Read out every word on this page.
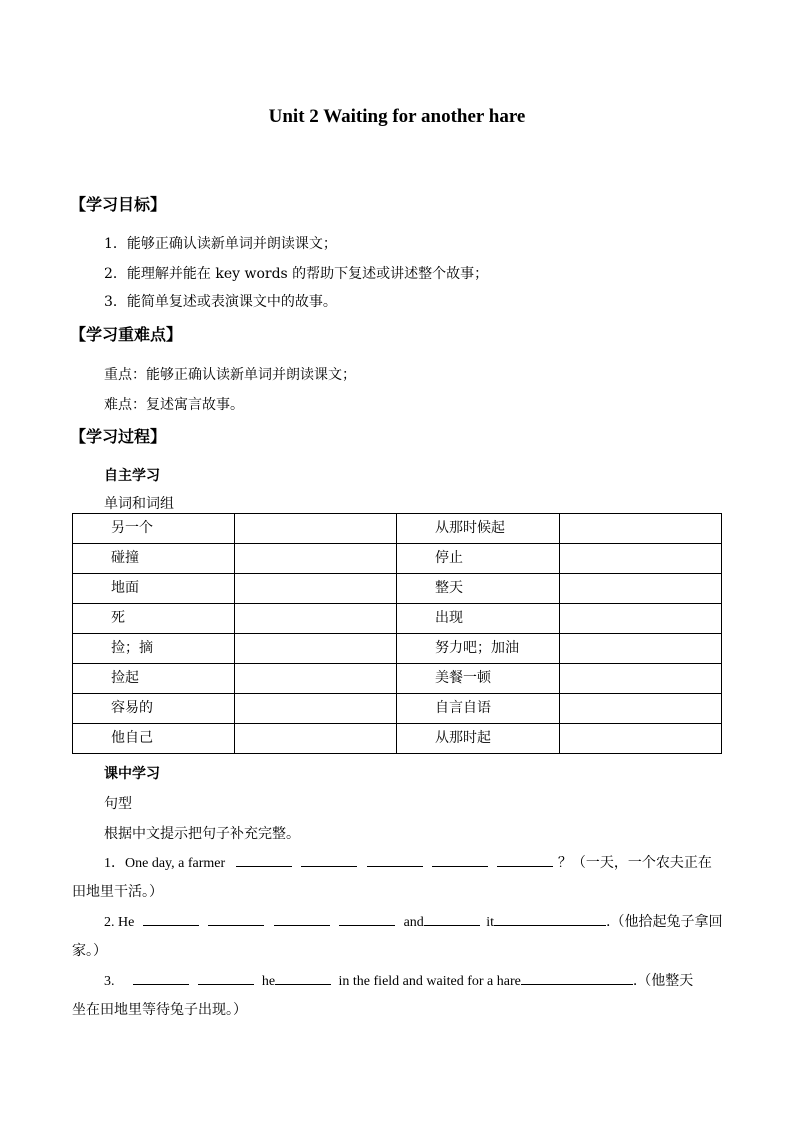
Unit 2 Waiting for another hare
【学习目标】
1．能够正确认读新单词并朗读课文；
2．能理解并能在 key words 的帮助下复述或讲述整个故事；
3．能简单复述或表演课文中的故事。
【学习重难点】
重点：能够正确认读新单词并朗读课文；
难点：复述寓言故事。
【学习过程】
自主学习
单词和词组
另一个		从那时候起	
碰撞		停止	
地面		整天	
死		出现	
捡；摘		努力吧；加油	
捡起		美餐一顿	
容易的		自言自语	
他自己		从那时起	
课中学习
句型
根据中文提示把句子补充完整。
1．One day, a farmer	？（一天，一个农夫正在
田地里干活。）
2. He	and	it	.（他拾起兔子拿回
家。）
3.	he	in the field and waited for a hare	.（他整天
坐在田地里等待兔子出现。）
